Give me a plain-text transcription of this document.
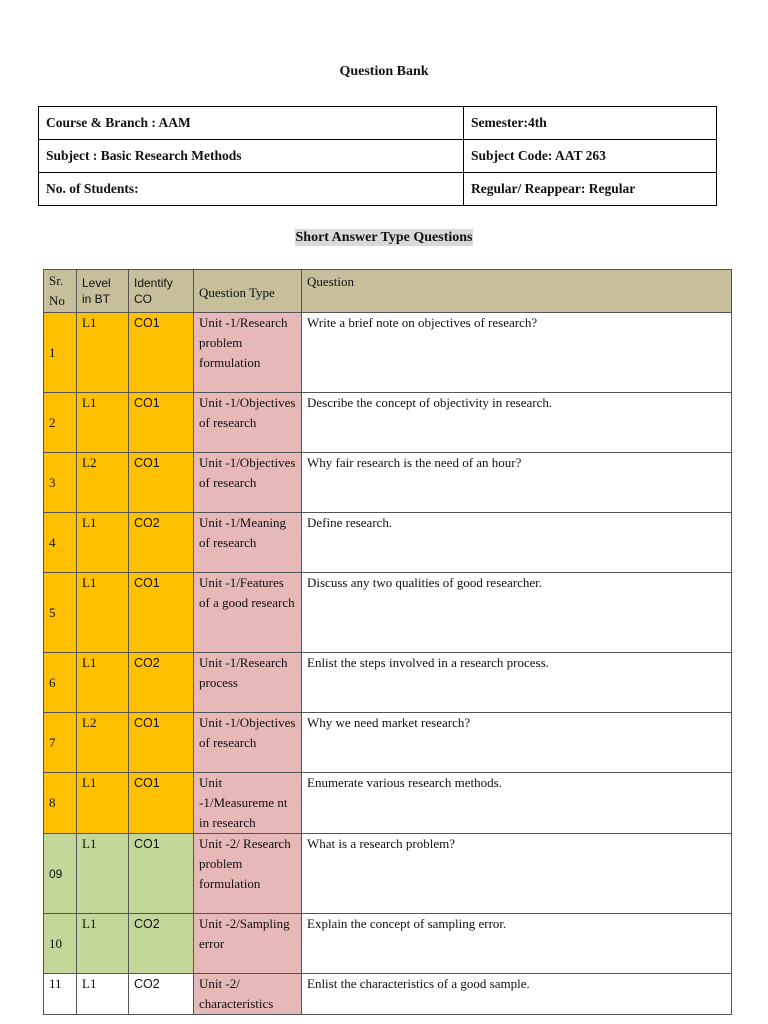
Question Bank
Course & Branch : AAM	Semester:4th
Subject : Basic Research Methods	Subject Code: AAT 263
No. of Students:	Regular/ Reappear: Regular
Short Answer Type Questions
Sr. No	Level in BT	Identify CO	Question Type	Question
1	L1	CO1	Unit -1/Research problem formulation	Write a brief note on objectives of research?
2	L1	CO1	Unit -1/Objectives of research	Describe the concept of objectivity in research.
3	L2	CO1	Unit -1/Objectives of research	Why fair research is the need of an hour?
4	L1	CO2	Unit -1/Meaning of research	Define research.
5	L1	CO1	Unit -1/Features of a good research	Discuss any two qualities of good researcher.
6	L1	CO2	Unit -1/Research process	Enlist the steps involved in a research process.
7	L2	CO1	Unit -1/Objectives of research	Why we need market research?
8	L1	CO1	Unit -1/Measureme nt in research	Enumerate various research methods.
09	L1	CO1	Unit -2/ Research problem formulation	What is a research problem?
10	L1	CO2	Unit -2/Sampling error	Explain the concept of sampling error.
11	L1	CO2	Unit -2/ characteristics	Enlist the characteristics of a good sample.
